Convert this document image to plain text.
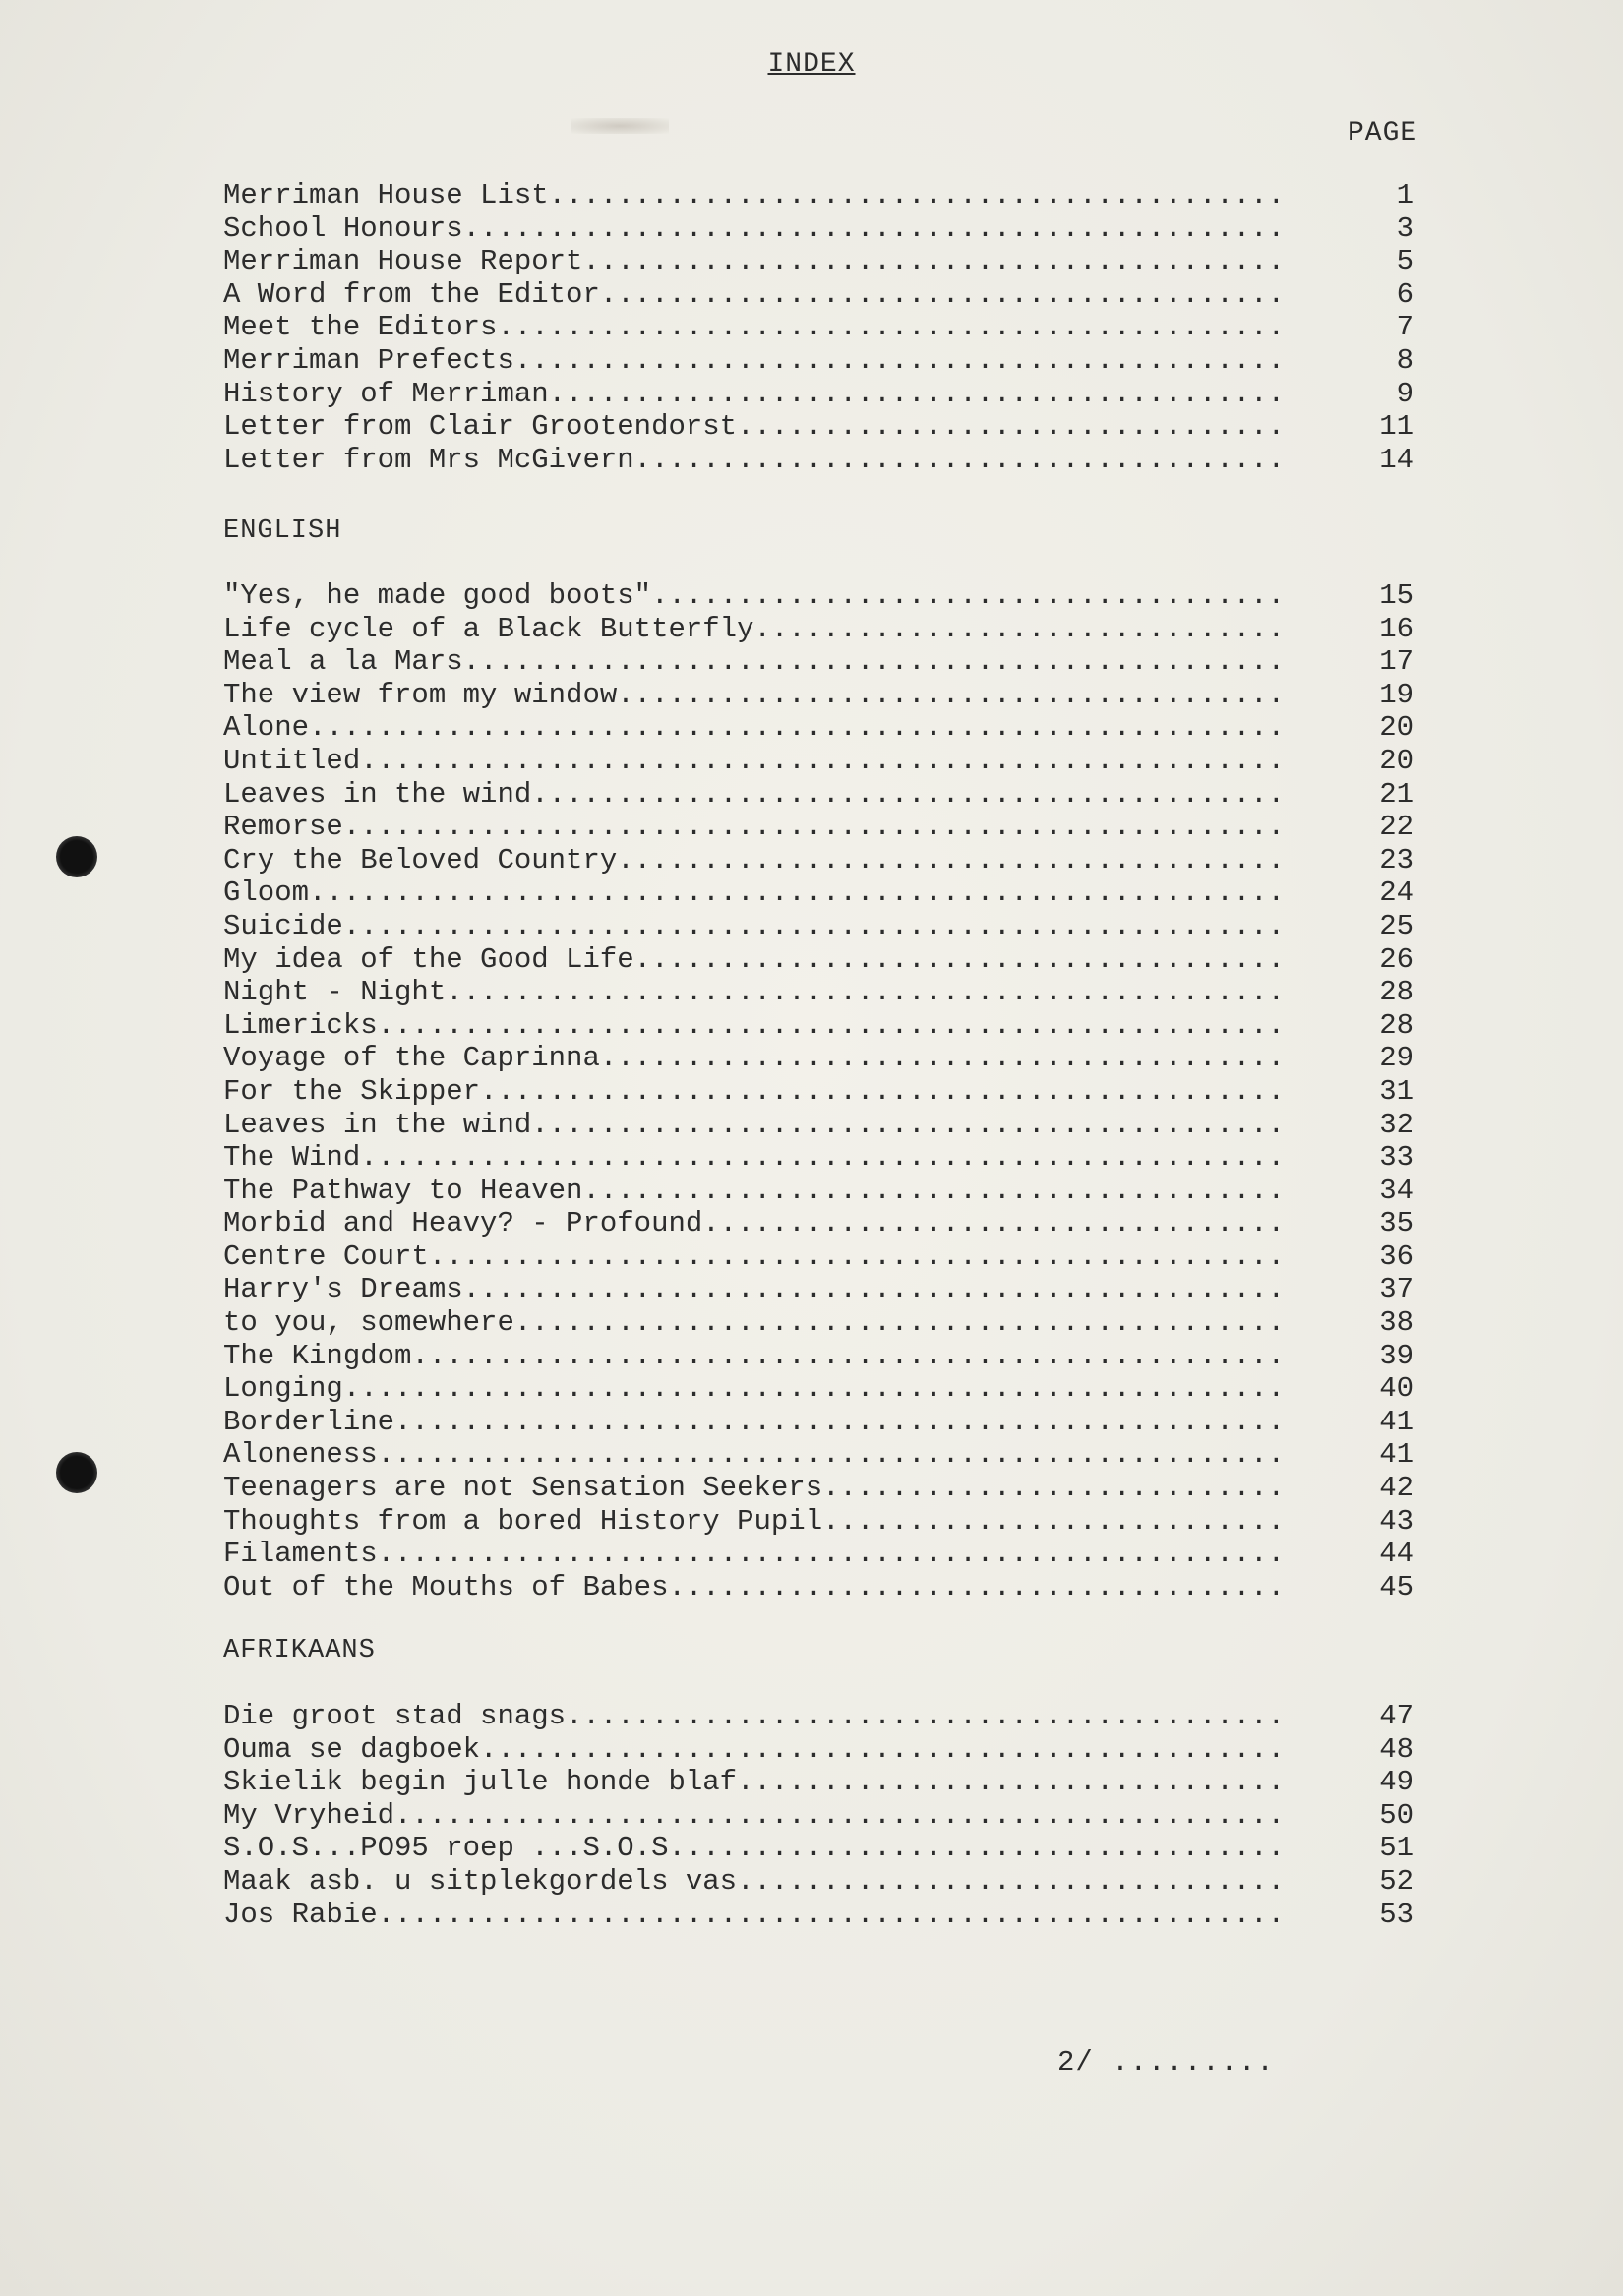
INDEX
PAGE
Merriman House List .....	1
School Honours .....	3
Merriman House Report .....	5
A Word from the Editor .....	6
Meet the Editors .....	7
Merriman Prefects .....	8
History of Merriman .....	9
Letter from Clair Grootendorst .....	11
Letter from Mrs McGivern .....	14
ENGLISH
"Yes, he made good boots" .....	15
Life cycle of a Black Butterfly .....	16
Meal a la Mars .....	17
The view from my window .....	19
Alone .....	20
Untitled .....	20
Leaves in the wind .....	21
Remorse .....	22
Cry the Beloved Country .....	23
Gloom .....	24
Suicide .....	25
My idea of the Good Life .....	26
Night - Night .....	28
Limericks .....	28
Voyage of the Caprinna .....	29
For the Skipper .....	31
Leaves in the wind .....	32
The Wind .....	33
The Pathway to Heaven .....	34
Morbid and Heavy? - Profound .....	35
Centre Court .....	36
Harry's Dreams .....	37
to you, somewhere .....	38
The Kingdom .....	39
Longing .....	40
Borderline .....	41
Aloneness .....	41
Teenagers are not Sensation Seekers .....	42
Thoughts from a bored History Pupil .....	43
Filaments .....	44
Out of the Mouths of Babes .....	45
AFRIKAANS
Die groot stad snags .....	47
Ouma se dagboek .....	48
Skielik begin julle honde blaf .....	49
My Vryheid .....	50
S.O.S...PO95 roep ...S.O.S .....	51
Maak asb. u sitplekgordels vas .....	52
Jos Rabie .....	53
2/ .........
